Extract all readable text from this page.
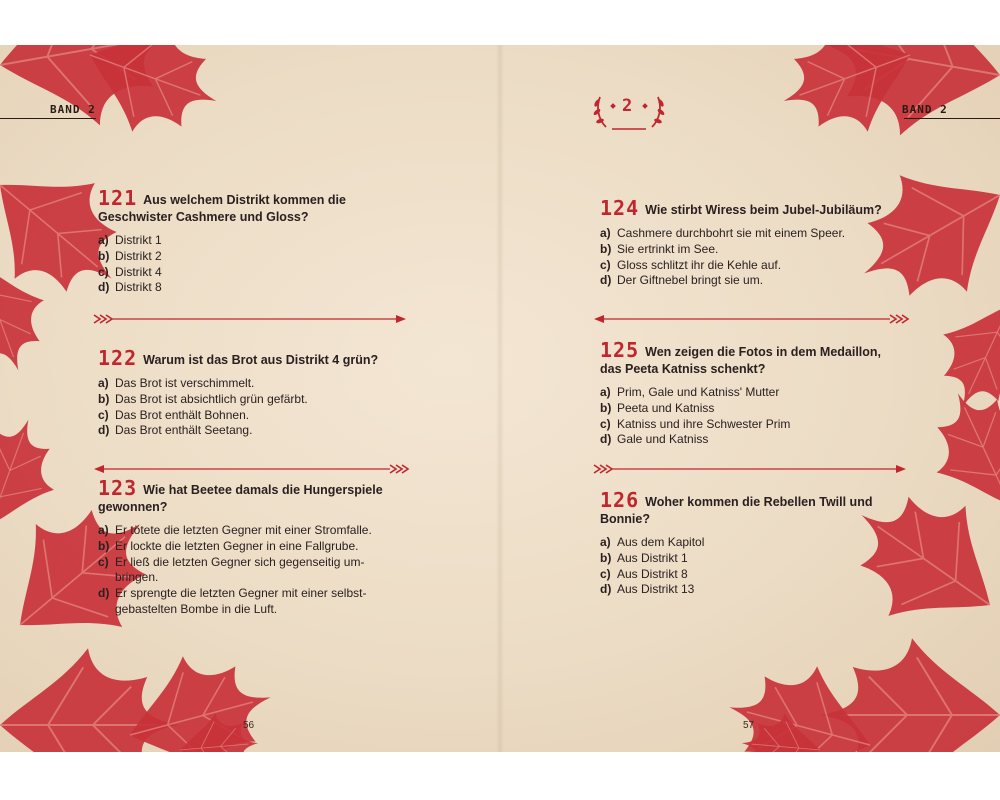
BAND 2
121 Aus welchem Distrikt kommen die
Geschwister Cashmere und Gloss?
a) Distrikt 1
b) Distrikt 2
c) Distrikt 4
d) Distrikt 8
122 Warum ist das Brot aus Distrikt 4 grün?
a) Das Brot ist verschimmelt.
b) Das Brot ist absichtlich grün gefärbt.
c) Das Brot enthält Bohnen.
d) Das Brot enthält Seetang.
123 Wie hat Beetee damals die Hungerspiele
gewonnen?
a) Er tötete die letzten Gegner mit einer Stromfalle.
b) Er lockte die letzten Gegner in eine Fallgrube.
c) Er ließ die letzten Gegner sich gegenseitig um-
bringen.
d) Er sprengte die letzten Gegner mit einer selbst-
gebastelten Bombe in die Luft.
56
BAND 2
124 Wie stirbt Wiress beim Jubel-Jubiläum?
a) Cashmere durchbohrt sie mit einem Speer.
b) Sie ertrinkt im See.
c) Gloss schlitzt ihr die Kehle auf.
d) Der Giftnebel bringt sie um.
125 Wen zeigen die Fotos in dem Medaillon,
das Peeta Katniss schenkt?
a) Prim, Gale und Katniss' Mutter
b) Peeta und Katniss
c) Katniss und ihre Schwester Prim
d) Gale und Katniss
126 Woher kommen die Rebellen Twill und
Bonnie?
a) Aus dem Kapitol
b) Aus Distrikt 1
c) Aus Distrikt 8
d) Aus Distrikt 13
57
2
